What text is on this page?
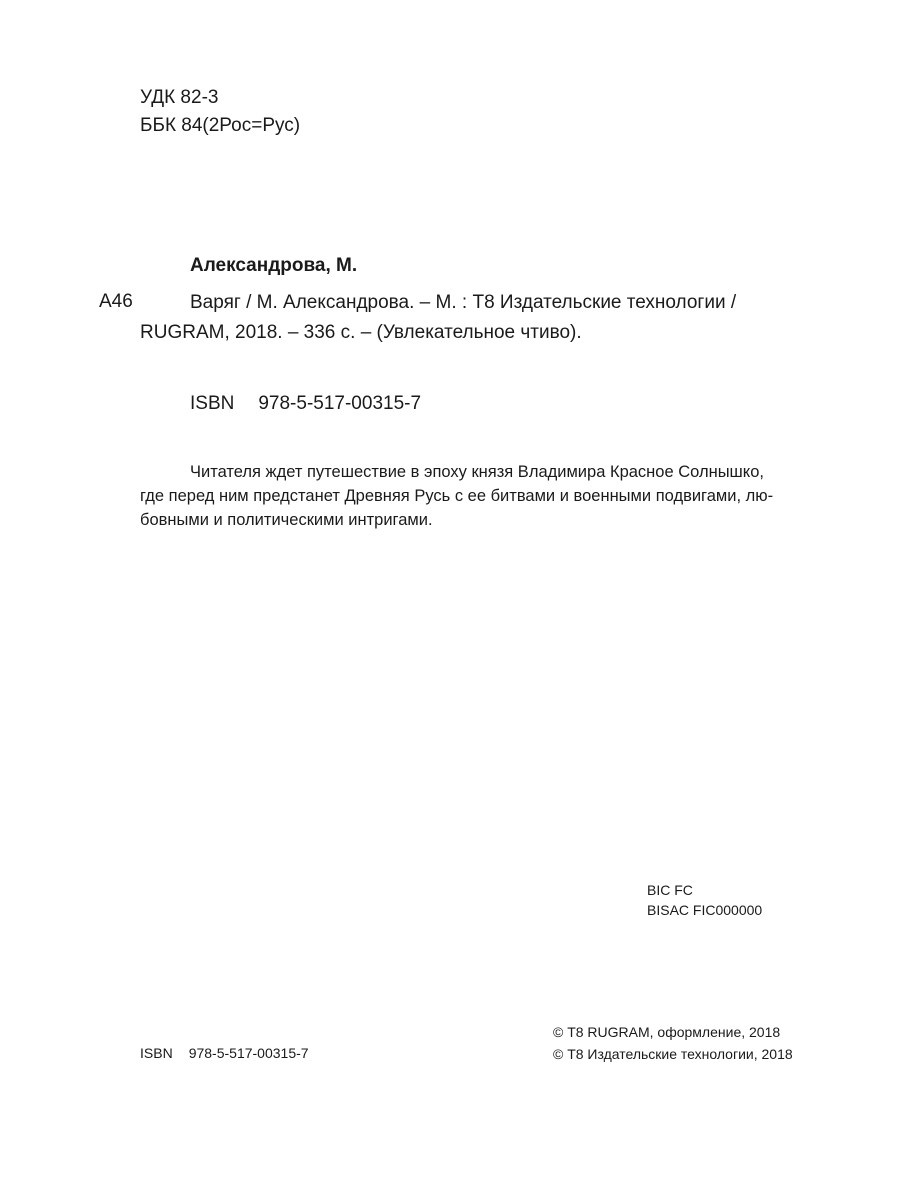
УДК 82-3
ББК 84(2Рос=Рус)
Александрова, М.
А46	Варяг / М. Александрова. – М. : Т8 Издательские технологии /
RUGRAM, 2018. – 336 с. – (Увлекательное чтиво).
ISBN 978-5-517-00315-7
Читателя ждет путешествие в эпоху князя Владимира Красное Солнышко,
где перед ним предстанет Древняя Русь с ее битвами и военными подвигами, лю-
бовными и политическими интригами.
BIC FC
BISAC FIC000000
ISBN 978-5-517-00315-7
© Т8 RUGRAM, оформление, 2018
© Т8 Издательские технологии, 2018
